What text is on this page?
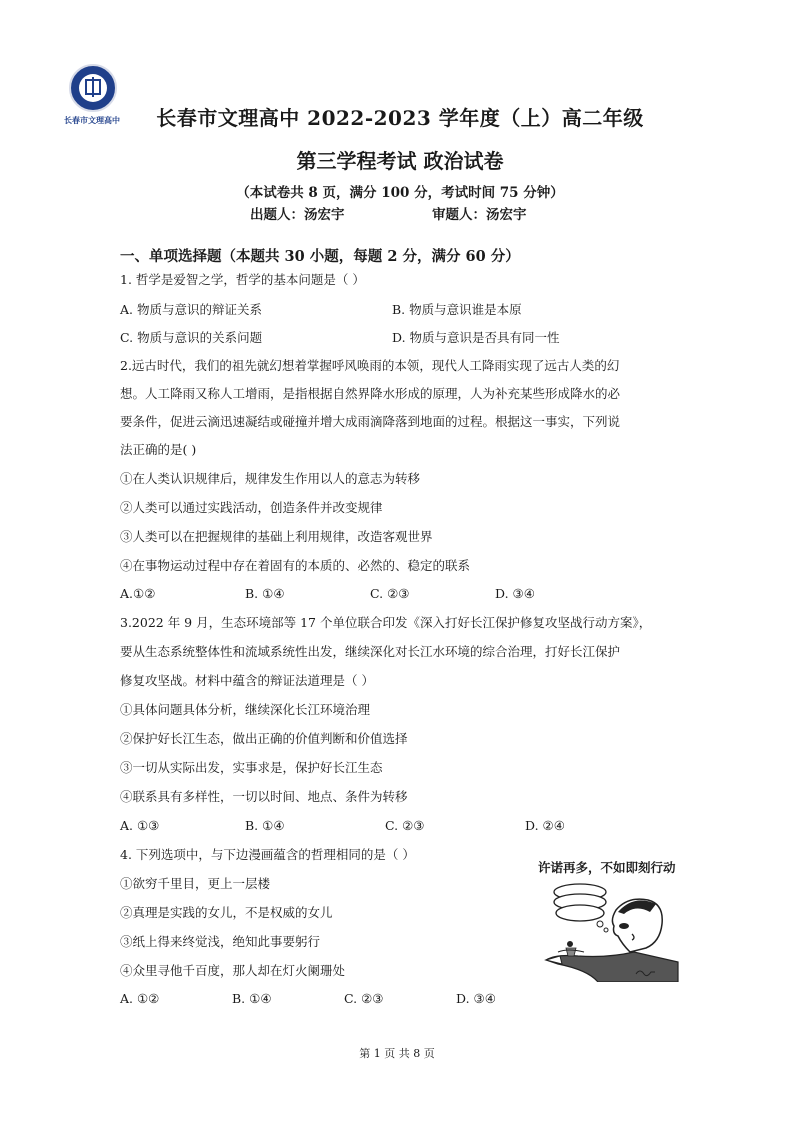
长春市文理高中	长春市文理高中 2022-2023 学年度（上）高二年级
第三学程考试 政治试卷
（本试卷共 8 页，满分 100 分，考试时间 75 分钟）
出题人：汤宏宇	审题人：汤宏宇
一、单项选择题（本题共 30 小题，每题 2 分，满分 60 分）
1. 哲学是爱智之学，哲学的基本问题是（ ）
A. 物质与意识的辩证关系	B. 物质与意识谁是本原
C. 物质与意识的关系问题	D. 物质与意识是否具有同一性
2.远古时代，我们的祖先就幻想着掌握呼风唤雨的本领，现代人工降雨实现了远古人类的幻
想。人工降雨又称人工增雨，是指根据自然界降水形成的原理，人为补充某些形成降水的必
要条件，促进云滴迅速凝结或碰撞并增大成雨滴降落到地面的过程。根据这一事实，下列说
法正确的是( )
①在人类认识规律后，规律发生作用以人的意志为转移
②人类可以通过实践活动，创造条件并改变规律
③人类可以在把握规律的基础上利用规律，改造客观世界
④在事物运动过程中存在着固有的本质的、必然的、稳定的联系
A.①②	B. ①④	C. ②③	D. ③④
3.2022 年 9 月，生态环境部等 17 个单位联合印发《深入打好长江保护修复攻坚战行动方案》，
要从生态系统整体性和流域系统性出发，继续深化对长江水环境的综合治理，打好长江保护
修复攻坚战。材料中蕴含的辩证法道理是（ ）
①具体问题具体分析，继续深化长江环境治理
②保护好长江生态，做出正确的价值判断和价值选择
③一切从实际出发，实事求是，保护好长江生态
④联系具有多样性，一切以时间、地点、条件为转移
A. ①③	B. ①④	C. ②③	D. ②④
4. 下列选项中，与下边漫画蕴含的哲理相同的是（ ）
许诺再多，不如即刻行动
①欲穷千里目，更上一层楼
②真理是实践的女儿，不是权威的女儿
③纸上得来终觉浅，绝知此事要躬行
④众里寻他千百度，那人却在灯火阑珊处
A. ①②	B. ①④	C. ②③	D. ③④
第 1 页 共 8 页
